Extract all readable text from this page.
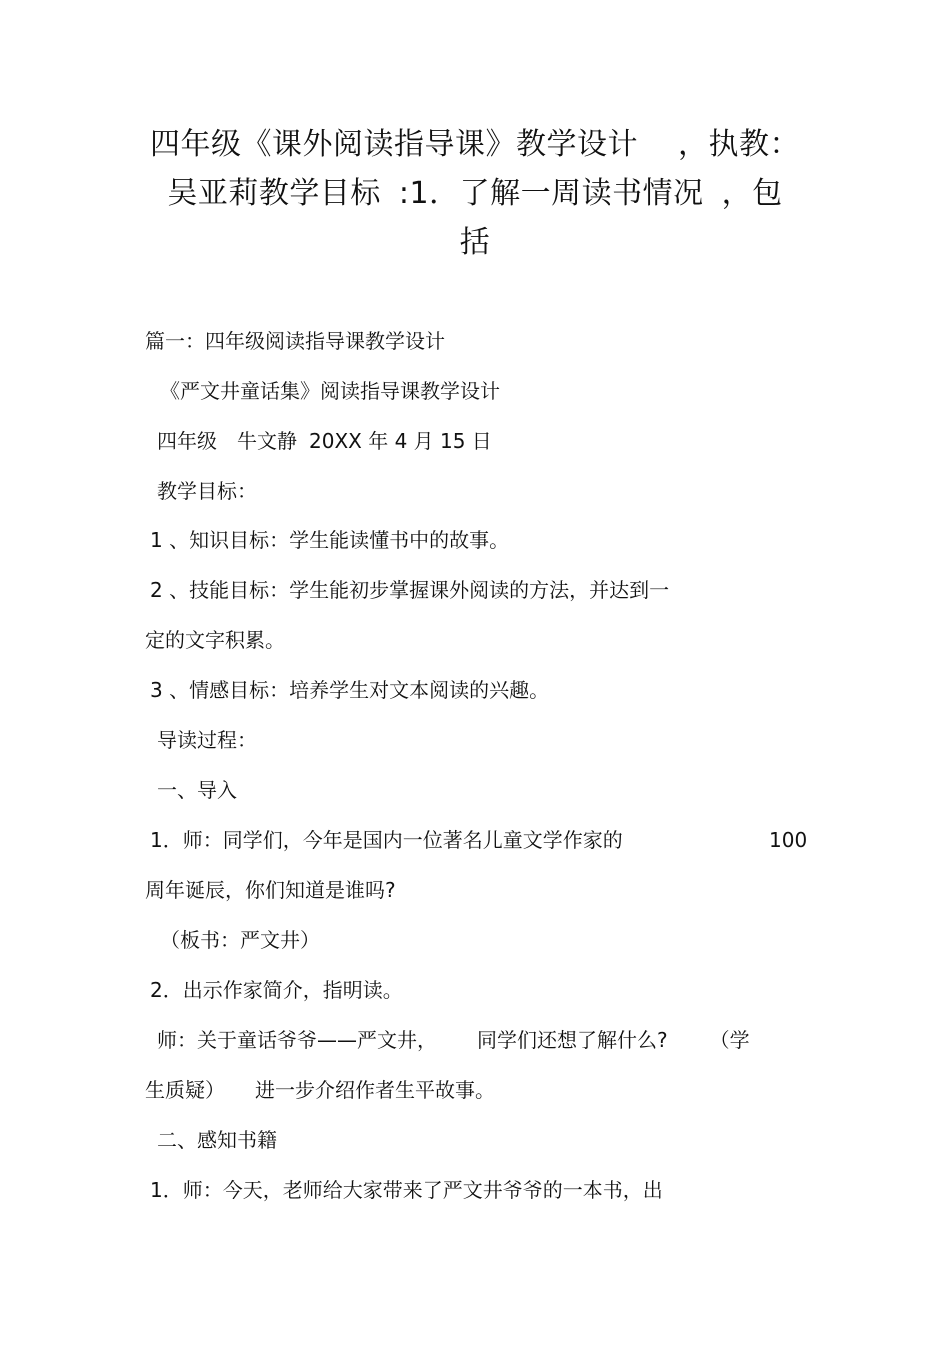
四年级《课外阅读指导课》教学设计 ，执教：
吴亚莉教学目标 :1．了解一周读书情况 ，包
括
篇一：四年级阅读指导课教学设计
《严文井童话集》阅读指导课教学设计
四年级 牛文静 20XX 年 4 月 15 日
教学目标：
1 、知识目标：学生能读懂书中的故事。
2 、技能目标：学生能初步掌握课外阅读的方法，并达到一
定的文字积累。
3 、情感目标：培养学生对文本阅读的兴趣。
导读过程：
一、导入
1．师：同学们，今年是国内一位著名儿童文学作家的	100
周年诞辰，你们知道是谁吗?
（板书：严文井）
2．出示作家简介，指明读。
师：关于童话爷爷——严文井， 同学们还想了解什么? （学
生质疑） 进一步介绍作者生平故事。
二、感知书籍
1．师：今天，老师给大家带来了严文井爷爷的一本书，出
